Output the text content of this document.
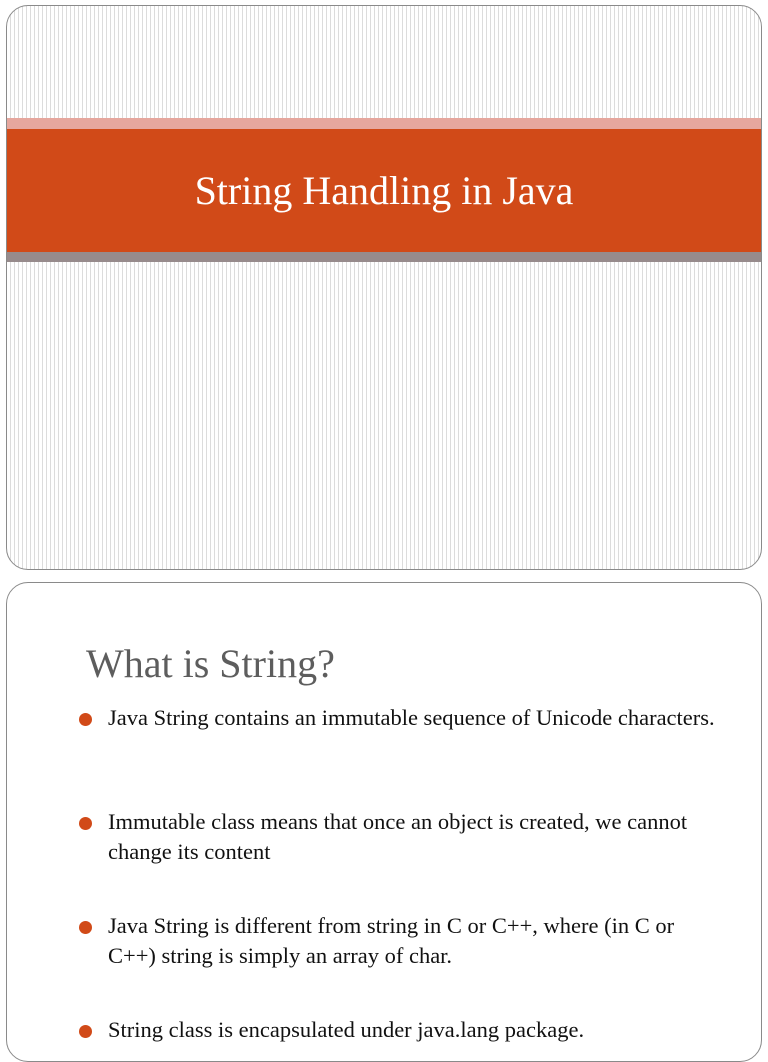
String Handling in Java
What is String?
Java String contains an immutable sequence of Unicode characters.
Immutable class means that once an object is created, we cannot change its content
Java String is different from string in C or C++, where (in C or C++) string is simply an array of char.
String class is encapsulated under java.lang package.
